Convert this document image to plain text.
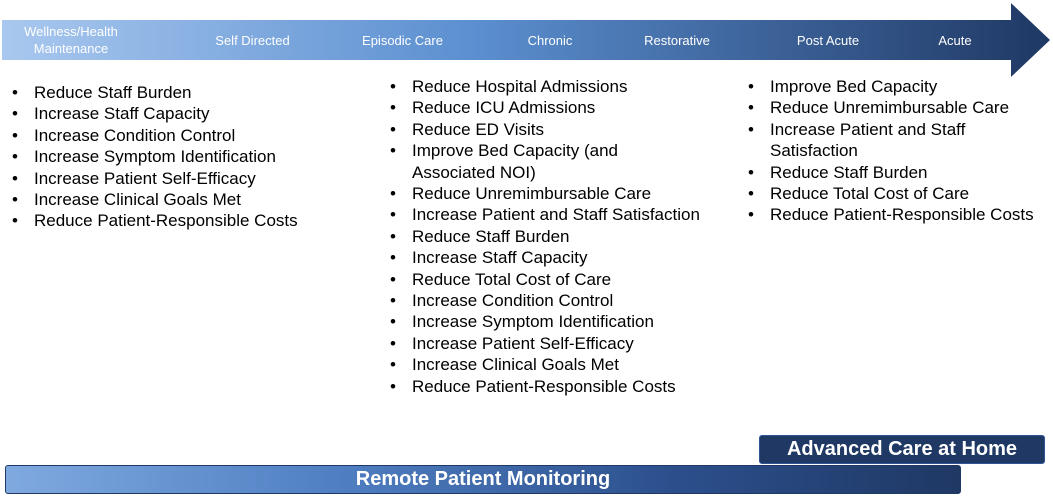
Wellness/Health
Maintenance
Self Directed	Episodic Care	Chronic	Restorative	Post Acute	Acute
• Reduce Staff Burden
• Increase Staff Capacity
• Increase Condition Control
• Increase Symptom Identification
• Increase Patient Self-Efficacy
• Increase Clinical Goals Met
• Reduce Patient-Responsible Costs
• Reduce Hospital Admissions
• Reduce ICU Admissions
• Reduce ED Visits
• Improve Bed Capacity (and Associated NOI)
• Reduce Unremimbursable Care
• Increase Patient and Staff Satisfaction
• Reduce Staff Burden
• Increase Staff Capacity
• Reduce Total Cost of Care
• Increase Condition Control
• Increase Symptom Identification
• Increase Patient Self-Efficacy
• Increase Clinical Goals Met
• Reduce Patient-Responsible Costs
• Improve Bed Capacity
• Reduce Unremimbursable Care
• Increase Patient and Staff Satisfaction
• Reduce Staff Burden
• Reduce Total Cost of Care
• Reduce Patient-Responsible Costs
Advanced Care at Home
Remote Patient Monitoring
